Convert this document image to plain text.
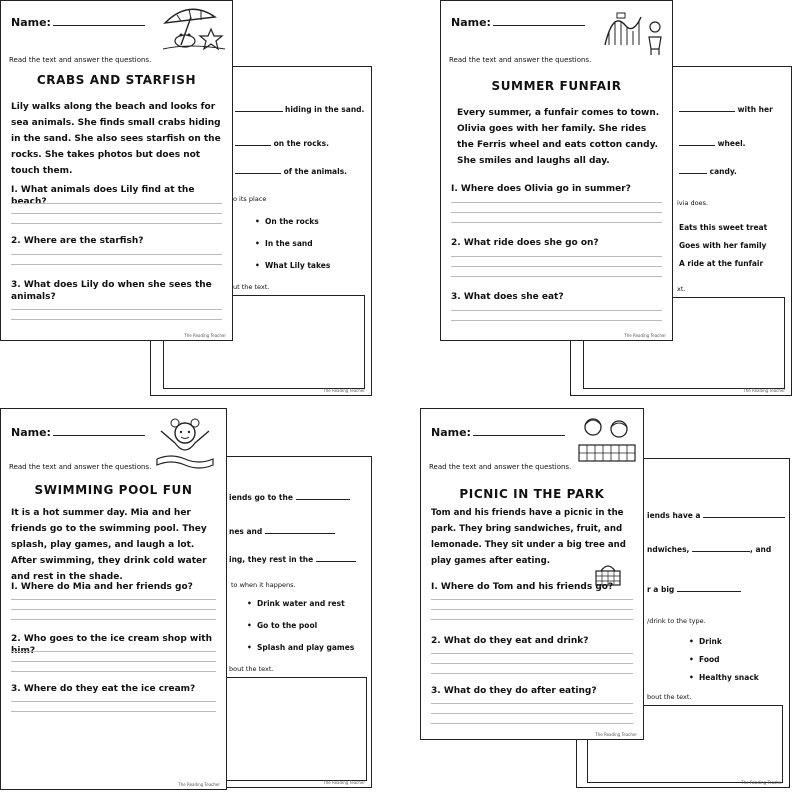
hiding in the sand.
on the rocks.
of the animals.
o its place
•  On the rocks
•  In the sand
•  What Lily takes
ut the text.
The Reading Teacher
Name:
Read the text and answer the questions.
CRABS AND STARFISH
Lily walks along the beach and looks for sea animals. She finds small crabs hiding in the sand. She also sees starfish on the rocks. She takes photos but does not touch them.
I. What animals does Lily find at the beach?
2. Where are the starfish?
3. What does Lily do when she sees the animals?
The Reading Teacher
with her
wheel.
candy.
ivia does.
Eats this sweet treat
Goes with her family
A ride at the funfair
xt.
The Reading Teacher
Name:
Read the text and answer the questions.
SUMMER FUNFAIR
Every summer, a funfair comes to town. Olivia goes with her family. She rides the Ferris wheel and eats cotton candy. She smiles and laughs all day.
I. Where does Olivia go in summer?
2. What ride does she go on?
3. What does she eat?
The Reading Teacher
iends go to the
nes and
ing, they rest in the
to when it happens.
•  Drink water and rest
•  Go to the pool
•  Splash and play games
bout the text.
The Reading Teacher
Name:
Read the text and answer the questions.
SWIMMING POOL FUN
It is a hot summer day. Mia and her friends go to the swimming pool. They splash, play games, and laugh a lot. After swimming, they drink cold water and rest in the shade.
I. Where do Mia and her friends go?
2. Who goes to the ice cream shop with him?
3. Where do they eat the ice cream?
The Reading Teacher
iends have a
ndwiches,	, and
r a big
/drink to the type.
•  Drink
•  Food
•  Healthy snack
bout the text.
The Reading Teacher
Name:
Read the text and answer the questions.
PICNIC IN THE PARK
Tom and his friends have a picnic in the park. They bring sandwiches, fruit, and lemonade. They sit under a big tree and play games after eating.
I. Where do Tom and his friends go?
2. What do they eat and drink?
3. What do they do after eating?
The Reading Teacher
